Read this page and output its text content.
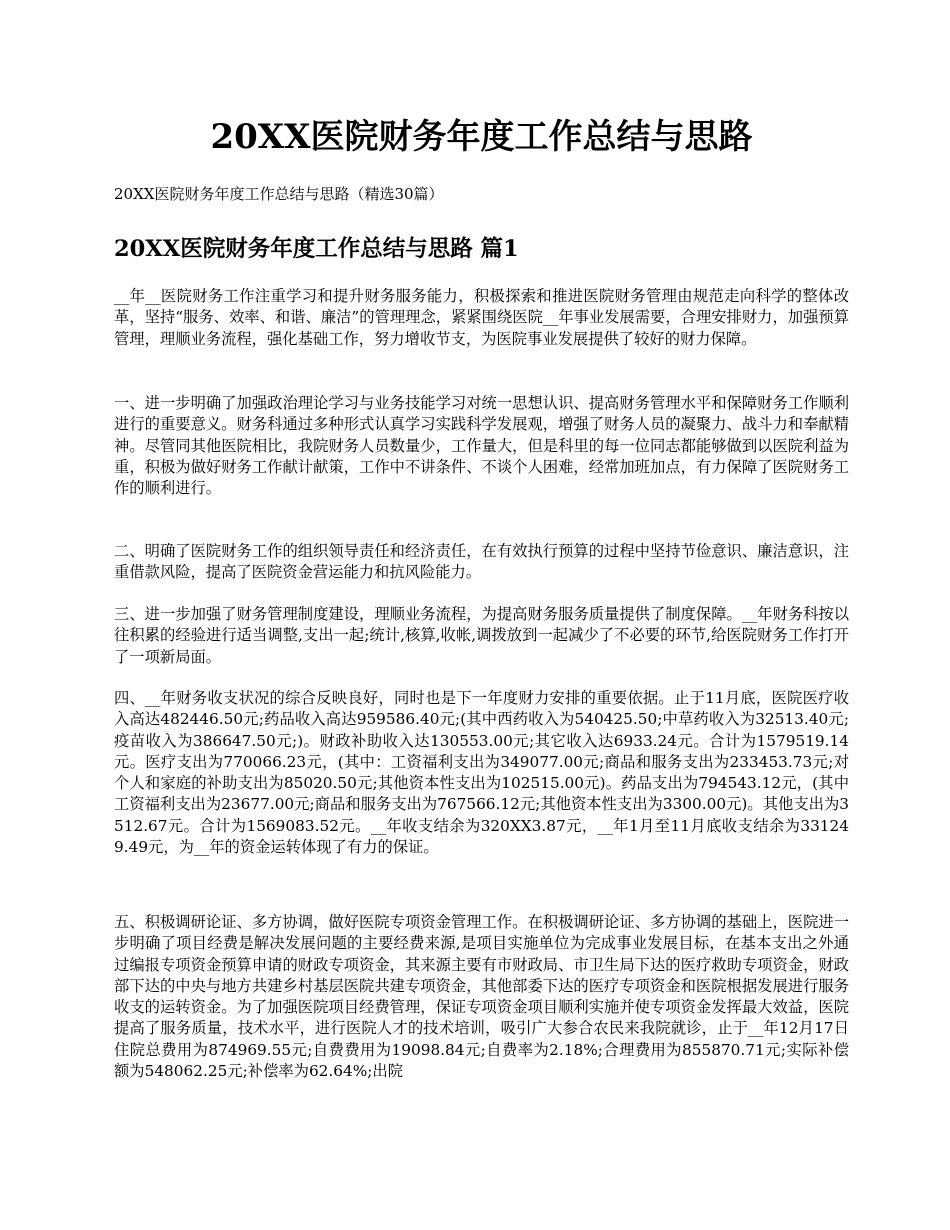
20XX医院财务年度工作总结与思路

20XX医院财务年度工作总结与思路（精选30篇）

20XX医院财务年度工作总结与思路 篇1

__年__医院财务工作注重学习和提升财务服务能力，积极探索和推进医院财务管理由规范走向科学的整体改革，坚持“服务、效率、和谐、廉洁”的管理理念，紧紧围绕医院__年事业发展需要，合理安排财力，加强预算管理，理顺业务流程，强化基础工作，努力增收节支，为医院事业发展提供了较好的财力保障。

一、进一步明确了加强政治理论学习与业务技能学习对统一思想认识、提高财务管理水平和保障财务工作顺利进行的重要意义。财务科通过多种形式认真学习实践科学发展观，增强了财务人员的凝聚力、战斗力和奉献精神。尽管同其他医院相比，我院财务人员数量少，工作量大，但是科里的每一位同志都能够做到以医院利益为重，积极为做好财务工作献计献策，工作中不讲条件、不谈个人困难，经常加班加点，有力保障了医院财务工作的顺利进行。

二、明确了医院财务工作的组织领导责任和经济责任，在有效执行预算的过程中坚持节俭意识、廉洁意识，注重借款风险，提高了医院资金营运能力和抗风险能力。

三、进一步加强了财务管理制度建设，理顺业务流程，为提高财务服务质量提供了制度保障。__年财务科按以往积累的经验进行适当调整,支出一起;统计,核算,收帐,调拨放到一起减少了不必要的环节,给医院财务工作打开了一项新局面。

四、__年财务收支状况的综合反映良好，同时也是下一年度财力安排的重要依据。止于11月底，医院医疗收入高达482446.50元;药品收入高达959586.40元;(其中西药收入为540425.50;中草药收入为32513.40元;疫苗收入为386647.50元;)。财政补助收入达130553.00元;其它收入达6933.24元。合计为1579519.14元。医疗支出为770066.23元，(其中：工资福利支出为349077.00元;商品和服务支出为233453.73元;对个人和家庭的补助支出为85020.50元;其他资本性支出为102515.00元)。药品支出为794543.12元，(其中工资福利支出为23677.00元;商品和服务支出为767566.12元;其他资本性支出为3300.00元)。其他支出为3512.67元。合计为1569083.52元。__年收支结余为320XX3.87元，__年1月至11月底收支结余为331249.49元，为__年的资金运转体现了有力的保证。

五、积极调研论证、多方协调，做好医院专项资金管理工作。在积极调研论证、多方协调的基础上，医院进一步明确了项目经费是解决发展问题的主要经费来源,是项目实施单位为完成事业发展目标，在基本支出之外通过编报专项资金预算申请的财政专项资金，其来源主要有市财政局、市卫生局下达的医疗救助专项资金，财政部下达的中央与地方共建乡村基层医院共建专项资金，其他部委下达的医疗专项资金和医院根据发展进行服务收支的运转资金。为了加强医院项目经费管理，保证专项资金项目顺利实施并使专项资金发挥最大效益，医院提高了服务质量，技术水平，进行医院人才的技术培训，吸引广大参合农民来我院就诊，止于__年12月17日住院总费用为874969.55元;自费费用为19098.84元;自费率为2.18%;合理费用为855870.71元;实际补偿额为548062.25元;补偿率为62.64%;出院
